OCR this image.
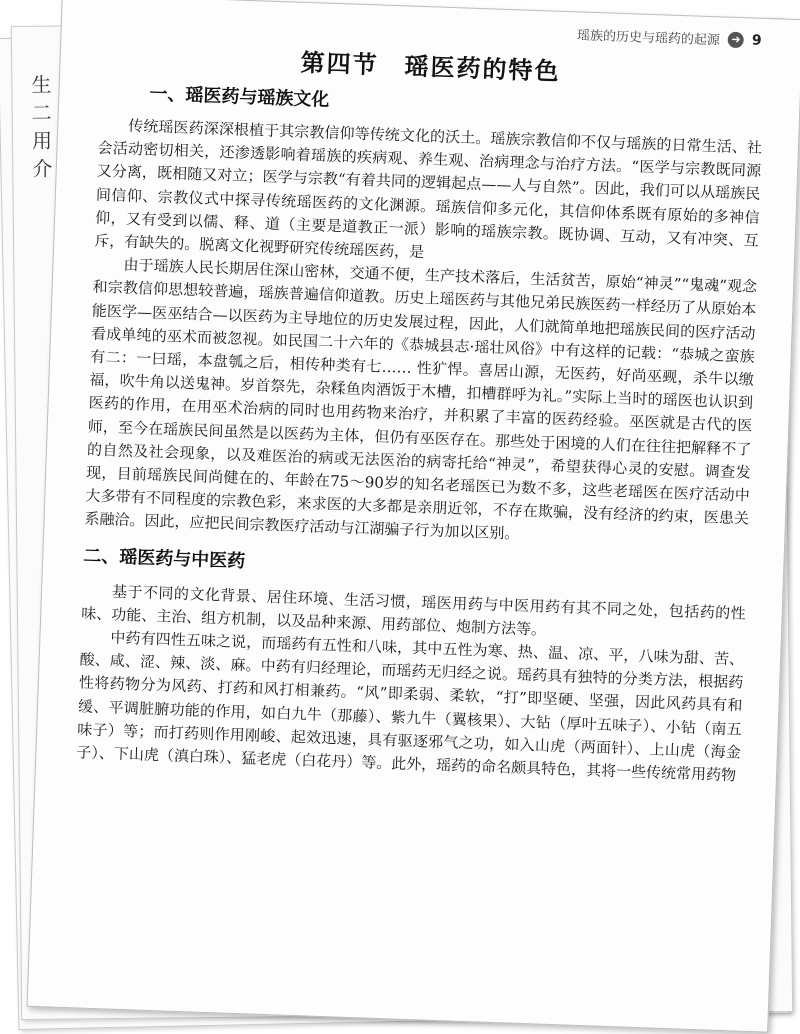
生
二
用
介
瑶族的历史与瑶药的起源 ➜ 9
第四节　瑶医药的特色
一、瑶医药与瑶族文化

传统瑶医药深深根植于其宗教信仰等传统文化的沃土。瑶族宗教信仰不仅与瑶族的日常生活、社会活动密切相关，还渗透影响着瑶族的疾病观、养生观、治病理念与治疗方法。“医学与宗教既同源又分离，既相随又对立；医学与宗教“有着共同的逻辑起点——人与自然”。因此，我们可以从瑶族民间信仰、宗教仪式中探寻传统瑶医药的文化渊源。瑶族信仰多元化，其信仰体系既有原始的多神信仰，又有受到以儒、释、道（主要是道教正一派）影响的瑶族宗教。既协调、互动，又有冲突、互斥，有缺失的。脱离文化视野研究传统瑶医药，是

由于瑶族人民长期居住深山密林，交通不便，生产技术落后，生活贫苦，原始“神灵”“鬼魂”观念和宗教信仰思想较普遍，瑶族普遍信仰道教。历史上瑶医药与其他兄弟民族医药一样经历了从原始本能医学—医巫结合—以医药为主导地位的历史发展过程，因此，人们就简单地把瑶族民间的医疗活动看成单纯的巫术而被忽视。如民国二十六年的《恭城县志·瑶壮风俗》中有这样的记载：“恭城之蛮族有二：一曰瑶，本盘瓠之后，相传种类有七…… 性犷悍。喜居山源，无医药，好尚巫觋，杀牛以缴福，吹牛角以送鬼神。岁首祭先，杂糅鱼肉酒饭于木槽，扣槽群呼为礼。”实际上当时的瑶医也认识到医药的作用，在用巫术治病的同时也用药物来治疗，并积累了丰富的医药经验。巫医就是古代的医师，至今在瑶族民间虽然是以医药为主体，但仍有巫医存在。那些处于困境的人们在往往把解释不了的自然及社会现象，以及难医治的病或无法医治的病寄托给“神灵”，希望获得心灵的安慰。调查发现，目前瑶族民间尚健在的、年龄在75～90岁的知名老瑶医已为数不多，这些老瑶医在医疗活动中大多带有不同程度的宗教色彩，来求医的大多都是亲朋近邻，不存在欺骗，没有经济的约束，医患关系融洽。因此，应把民间宗教医疗活动与江湖骗子行为加以区别。

二、瑶医药与中医药

基于不同的文化背景、居住环境、生活习惯，瑶医用药与中医用药有其不同之处，包括药的性味、功能、主治、组方机制，以及品种来源、用药部位、炮制方法等。

中药有四性五味之说，而瑶药有五性和八味，其中五性为寒、热、温、凉、平，八味为甜、苦、酸、咸、涩、辣、淡、麻。中药有归经理论，而瑶药无归经之说。瑶药具有独特的分类方法，根据药性将药物分为风药、打药和风打相兼药。“风”即柔弱、柔软，“打”即坚硬、坚强，因此风药具有和缓、平调脏腑功能的作用，如白九牛（那藤）、紫九牛（翼核果）、大钻（厚叶五味子）、小钻（南五味子）等；而打药则作用刚峻、起效迅速，具有驱逐邪气之功，如入山虎（两面针）、上山虎（海金子）、下山虎（滇白珠）、猛老虎（白花丹）等。此外，瑶药的命名颇具特色，其将一些传统常用药物
